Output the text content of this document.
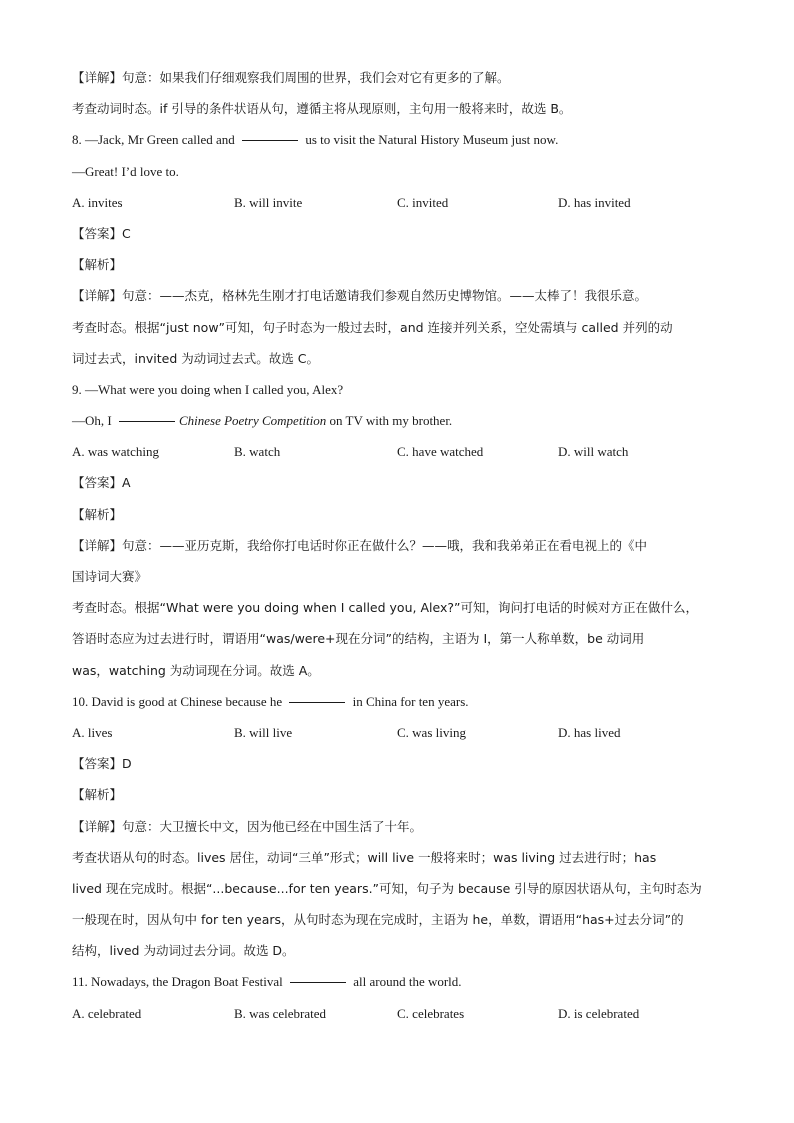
【详解】句意：如果我们仔细观察我们周围的世界，我们会对它有更多的了解。
考查动词时态。if 引导的条件状语从句，遵循主将从现原则，主句用一般将来时，故选 B。
8. —Jack, Mr Green called and	us to visit the Natural History Museum just now.
—Great! I’d love to.
A. invites	B. will invite	C. invited	D. has invited
【答案】C
【解析】
【详解】句意：——杰克，格林先生刚才打电话邀请我们参观自然历史博物馆。——太棒了！我很乐意。
考查时态。根据“just now”可知，句子时态为一般过去时，and 连接并列关系，空处需填与 called 并列的动
词过去式，invited 为动词过去式。故选 C。
9. —What were you doing when I called you, Alex?
—Oh, I	Chinese Poetry Competition on TV with my brother.
A. was watching	B. watch	C. have watched	D. will watch
【答案】A
【解析】
【详解】句意：——亚历克斯，我给你打电话时你正在做什么？——哦，我和我弟弟正在看电视上的《中
国诗词大赛》
考查时态。根据“What were you doing when I called you, Alex?”可知，询问打电话的时候对方正在做什么，
答语时态应为过去进行时，谓语用“was/were+现在分词”的结构，主语为 I，第一人称单数，be 动词用
was，watching 为动词现在分词。故选 A。
10. David is good at Chinese because he	in China for ten years.
A. lives	B. will live	C. was living	D. has lived
【答案】D
【解析】
【详解】句意：大卫擅长中文，因为他已经在中国生活了十年。
考查状语从句的时态。lives 居住，动词“三单”形式；will live 一般将来时；was living 过去进行时；has
lived 现在完成时。根据“...because...for ten years.”可知，句子为 because 引导的原因状语从句，主句时态为
一般现在时，因从句中 for ten years，从句时态为现在完成时，主语为 he，单数，谓语用“has+过去分词”的
结构，lived 为动词过去分词。故选 D。
11. Nowadays, the Dragon Boat Festival	all around the world.
A. celebrated	B. was celebrated	C. celebrates	D. is celebrated
